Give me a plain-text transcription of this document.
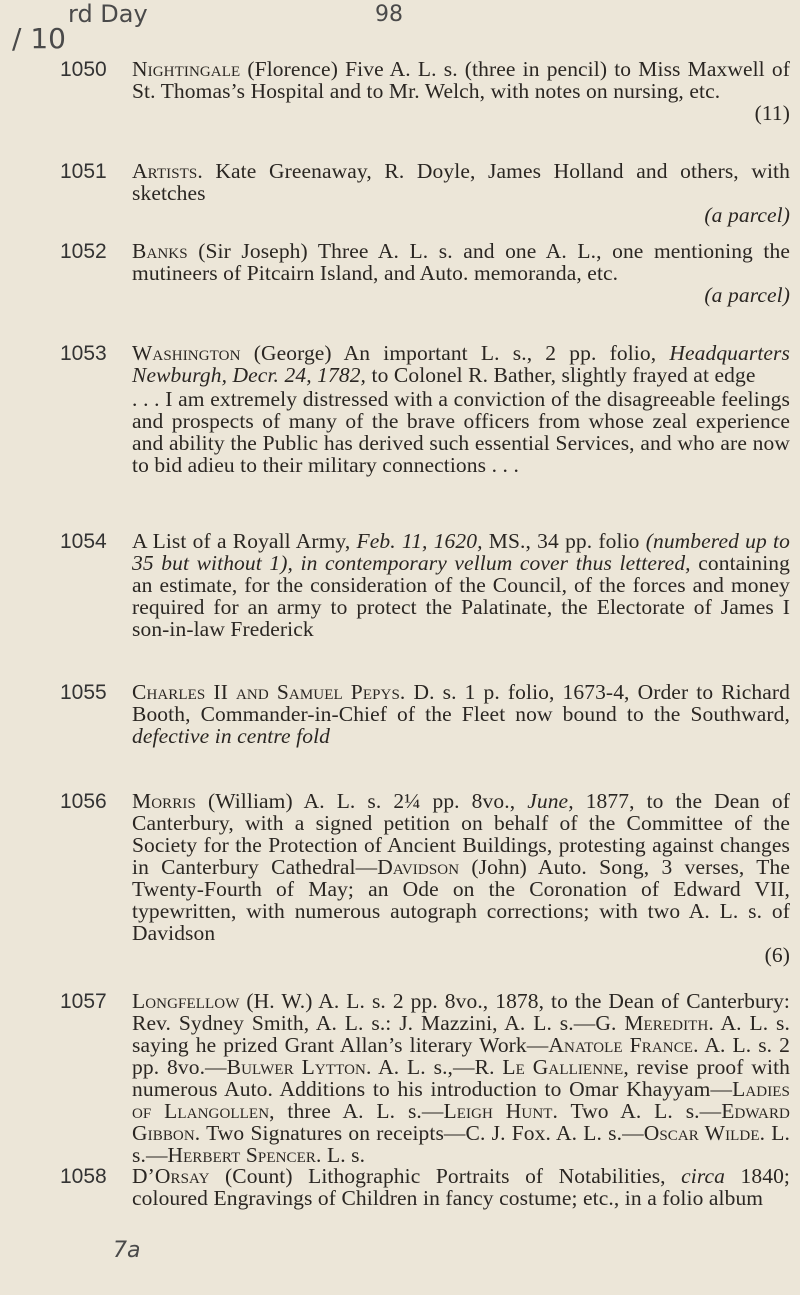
/ 10
rd Day	98
7a
1050	Nightingale (Florence) Five A. L. s. (three in pencil) to Miss Maxwell of St. Thomas’s Hospital and to Mr. Welch, with notes on nursing, etc.
(11)
1051	Artists. Kate Greenaway, R. Doyle, James Holland and others, with sketches
(a parcel)
1052	Banks (Sir Joseph) Three A. L. s. and one A. L., one mentioning the mutineers of Pitcairn Island, and Auto. memoranda, etc.
(a parcel)
1053	Washington (George) An important L. s., 2 pp. folio, Headquarters Newburgh, Decr. 24, 1782, to Colonel R. Bather, slightly frayed at edge
. . . I am extremely distressed with a conviction of the disagreeable feelings and prospects of many of the brave officers from whose zeal experience and ability the Public has derived such essential Services, and who are now to bid adieu to their military connections . . .
1054	A List of a Royall Army, Feb. 11, 1620, MS., 34 pp. folio (numbered up to 35 but without 1), in contemporary vellum cover thus lettered, containing an estimate, for the consideration of the Council, of the forces and money required for an army to protect the Palatinate, the Electorate of James I son-in-law Frederick
1055	Charles II and Samuel Pepys. D. s. 1 p. folio, 1673-4, Order to Richard Booth, Commander-in-Chief of the Fleet now bound to the Southward, defective in centre fold
1056	Morris (William) A. L. s. 2¼ pp. 8vo., June, 1877, to the Dean of Canterbury, with a signed petition on behalf of the Committee of the Society for the Protection of Ancient Buildings, protesting against changes in Canterbury Cathedral—Davidson (John) Auto. Song, 3 verses, The Twenty-Fourth of May; an Ode on the Coronation of Edward VII, typewritten, with numerous autograph corrections; with two A. L. s. of Davidson
(6)
1057	Longfellow (H. W.) A. L. s. 2 pp. 8vo., 1878, to the Dean of Canterbury: Rev. Sydney Smith, A. L. s.: J. Mazzini, A. L. s.—G. Meredith. A. L. s. saying he prized Grant Allan’s literary Work—Anatole France. A. L. s. 2 pp. 8vo.—Bulwer Lytton. A. L. s.,—R. Le Gallienne, revise proof with numerous Auto. Additions to his introduction to Omar Khayyam—Ladies of Llangollen, three A. L. s.—Leigh Hunt. Two A. L. s.—Edward Gibbon. Two Signatures on receipts—C. J. Fox. A. L. s.—Oscar Wilde. L. s.—Herbert Spencer. L. s.
1058	D’Orsay (Count) Lithographic Portraits of Notabilities, circa 1840; coloured Engravings of Children in fancy costume; etc., in a folio album
